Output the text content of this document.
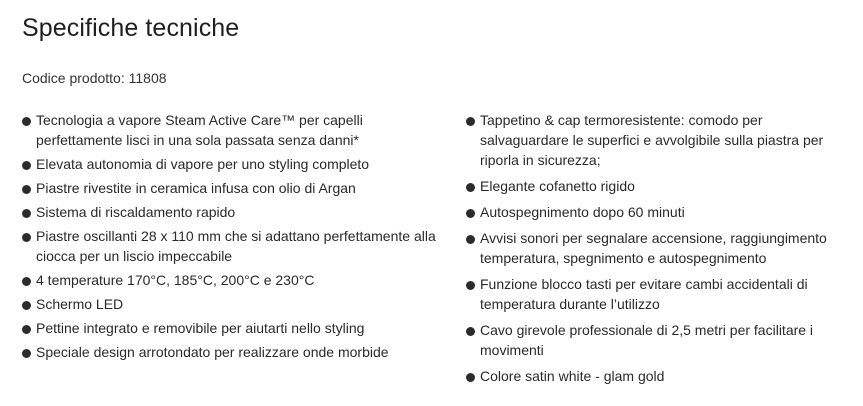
Specifiche tecniche
Codice prodotto: 11808
Tecnologia a vapore Steam Active Care™ per capelli perfettamente lisci in una sola passata senza danni*
Elevata autonomia di vapore per uno styling completo
Piastre rivestite in ceramica infusa con olio di Argan
Sistema di riscaldamento rapido
Piastre oscillanti 28 x 110 mm che si adattano perfettamente alla ciocca per un liscio impeccabile
4 temperature 170°C, 185°C, 200°C e 230°C
Schermo LED
Pettine integrato e removibile per aiutarti nello styling
Speciale design arrotondato per realizzare onde morbide
Tappetino & cap termoresistente: comodo per salvaguardare le superfici e avvolgibile sulla piastra per riporla in sicurezza;
Elegante cofanetto rigido
Autospegnimento dopo 60 minuti
Avvisi sonori per segnalare accensione, raggiungimento temperatura, spegnimento e autospegnimento
Funzione blocco tasti per evitare cambi accidentali di temperatura durante l’utilizzo
Cavo girevole professionale di 2,5 metri per facilitare i movimenti
Colore satin white - glam gold
